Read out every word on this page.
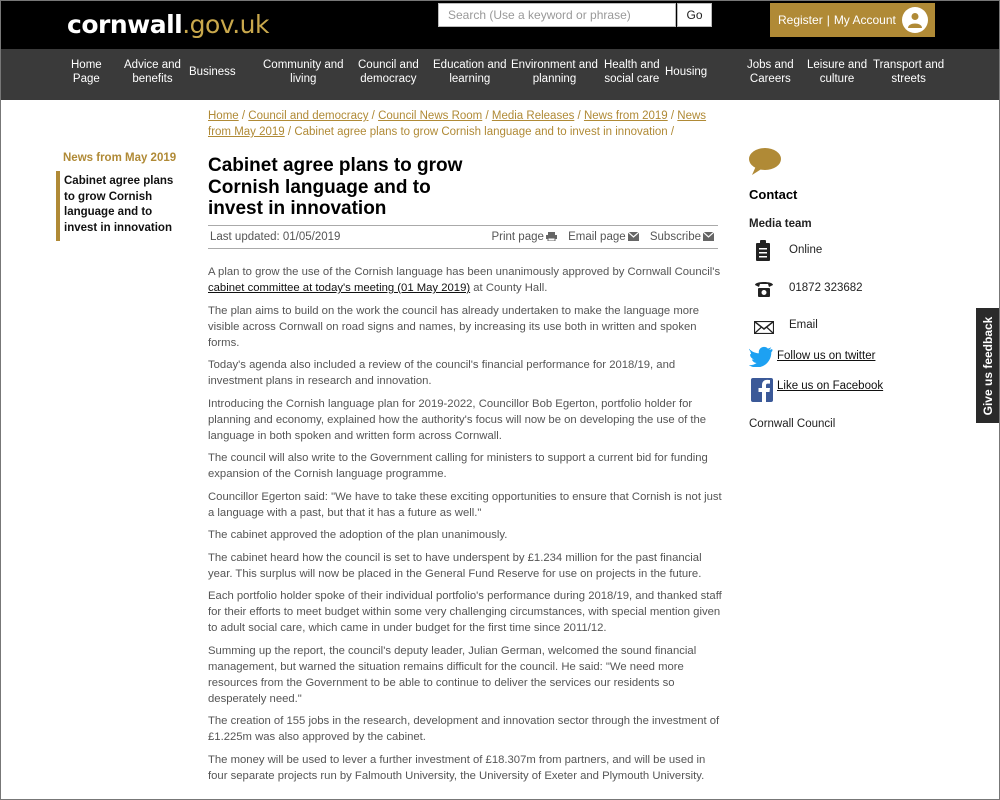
cornwall.gov.uk	Search (Use a keyword or phrase)	Go	Register | My Account
Home
Page
Advice and
benefits
Business
Community and
living
Council and
democracy
Education and
learning
Environment and
planning
Health and
social care
Housing
Jobs and
Careers
Leisure and
culture
Transport and
streets
Home / Council and democracy / Council News Room / Media Releases / News from 2019 / News from May 2019 / Cabinet agree plans to grow Cornish language and to invest in innovation /
News from May 2019
Cabinet agree plans to grow Cornish language and to invest in innovation
Cabinet agree plans to grow Cornish language and to invest in innovation
Last updated: 01/05/2019	Print page Email page Subscribe

A plan to grow the use of the Cornish language has been unanimously approved by Cornwall Council's cabinet committee at today's meeting (01 May 2019) at County Hall.

The plan aims to build on the work the council has already undertaken to make the language more visible across Cornwall on road signs and names, by increasing its use both in written and spoken forms.

Today's agenda also included a review of the council's financial performance for 2018/19, and investment plans in research and innovation.

Introducing the Cornish language plan for 2019-2022, Councillor Bob Egerton, portfolio holder for planning and economy, explained how the authority's focus will now be on developing the use of the language in both spoken and written form across Cornwall.

The council will also write to the Government calling for ministers to support a current bid for funding expansion of the Cornish language programme.

Councillor Egerton said: "We have to take these exciting opportunities to ensure that Cornish is not just a language with a past, but that it has a future as well."

The cabinet approved the adoption of the plan unanimously.

The cabinet heard how the council is set to have underspent by £1.234 million for the past financial year. This surplus will now be placed in the General Fund Reserve for use on projects in the future.

Each portfolio holder spoke of their individual portfolio's performance during 2018/19, and thanked staff for their efforts to meet budget within some very challenging circumstances, with special mention given to adult social care, which came in under budget for the first time since 2011/12.

Summing up the report, the council's deputy leader, Julian German, welcomed the sound financial management, but warned the situation remains difficult for the council. He said: "We need more resources from the Government to be able to continue to deliver the services our residents so desperately need."

The creation of 155 jobs in the research, development and innovation sector through the investment of £1.225m was also approved by the cabinet.

The money will be used to lever a further investment of £18.307m from partners, and will be used in four separate projects run by Falmouth University, the University of Exeter and Plymouth University.

Contact
Media team
Online
01872 323682
Email
Follow us on twitter
Like us on Facebook
Cornwall Council
Give us feedback
